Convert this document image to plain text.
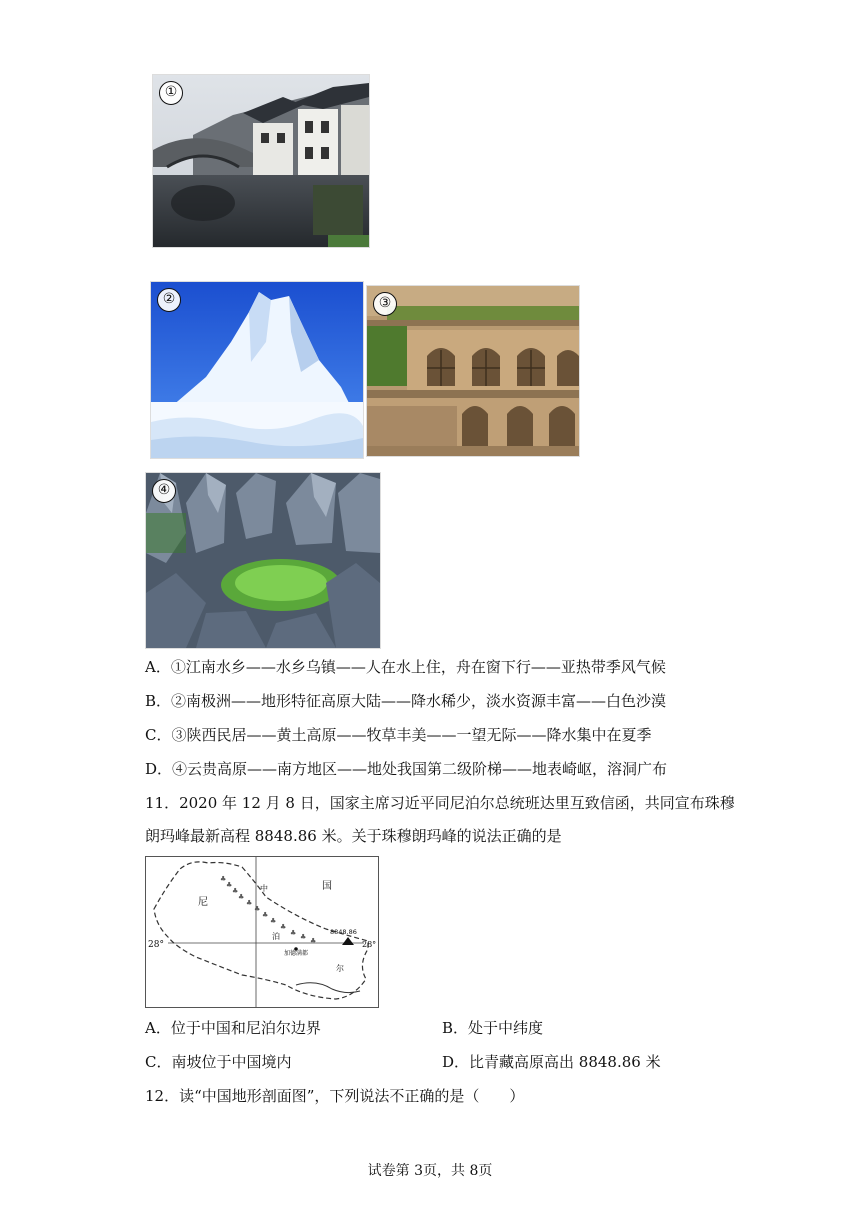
①
②	③
④
A．①江南水乡——水乡乌镇——人在水上住，舟在窗下行——亚热带季风气候
B．②南极洲——地形特征高原大陆——降水稀少，淡水资源丰富——白色沙漠
C．③陕西民居——黄土高原——牧草丰美——一望无际——降水集中在夏季
D．④云贵高原——南方地区——地处我国第二级阶梯——地表崎岖，溶洞广布
11．2020 年 12 月 8 日，国家主席习近平同尼泊尔总统班达里互致信函，共同宣布珠穆
朗玛峰最新高程 8848.86 米。关于珠穆朗玛峰的说法正确的是
♣
♣
♣
♣
♣
♣
♣
♣
♣
♣ ♣ ♣
尼
中	国
泊
尔
28°	28°
8848.86
加德满都
A．位于中国和尼泊尔边界	B．处于中纬度
C．南坡位于中国境内	D．比青藏高原高出 8848.86 米
12．读“中国地形剖面图”，下列说法不正确的是（　　）
试卷第 3页，共 8页
